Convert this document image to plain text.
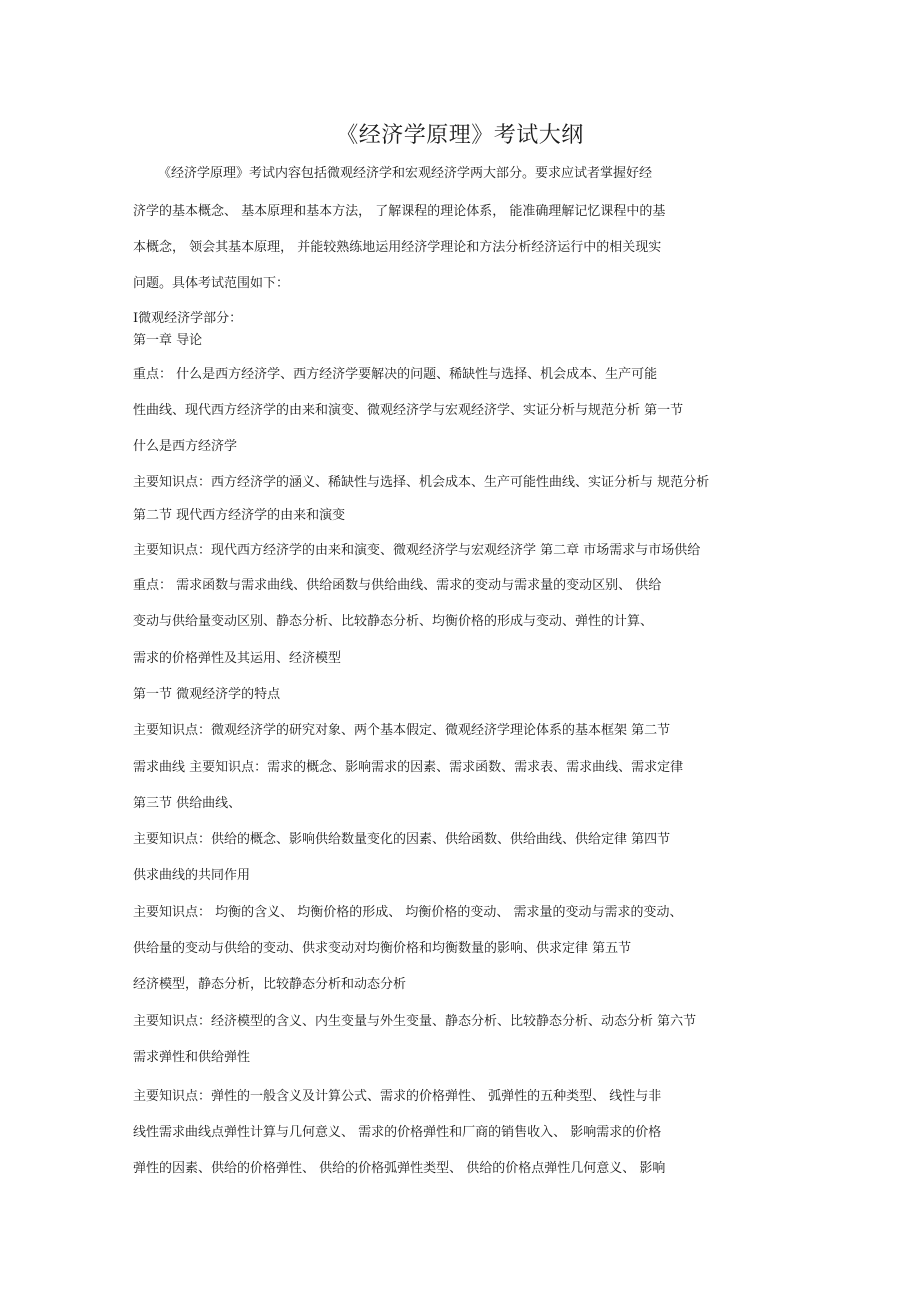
《经济学原理》考试大纲
《经济学原理》考试内容包括微观经济学和宏观经济学两大部分。要求应试者掌握好经
济学的基本概念、 基本原理和基本方法， 了解课程的理论体系， 能准确理解记忆课程中的基
本概念， 领会其基本原理， 并能较熟练地运用经济学理论和方法分析经济运行中的相关现实
问题。具体考试范围如下：
I微观经济学部分：
第一章 导论
重点： 什么是西方经济学、西方经济学要解决的问题、稀缺性与选择、机会成本、生产可能
性曲线、现代西方经济学的由来和演变、微观经济学与宏观经济学、实证分析与规范分析 第一节
什么是西方经济学
主要知识点：西方经济学的涵义、稀缺性与选择、机会成本、生产可能性曲线、实证分析与 规范分析
第二节 现代西方经济学的由来和演变
主要知识点：现代西方经济学的由来和演变、微观经济学与宏观经济学 第二章 市场需求与市场供给
重点： 需求函数与需求曲线、供给函数与供给曲线、需求的变动与需求量的变动区别、 供给
变动与供给量变动区别、静态分析、比较静态分析、均衡价格的形成与变动、弹性的计算、
需求的价格弹性及其运用、经济模型
第一节 微观经济学的特点
主要知识点：微观经济学的研究对象、两个基本假定、微观经济学理论体系的基本框架 第二节
需求曲线 主要知识点：需求的概念、影响需求的因素、需求函数、需求表、需求曲线、需求定律
第三节 供给曲线、
主要知识点：供给的概念、影响供给数量变化的因素、供给函数、供给曲线、供给定律 第四节
供求曲线的共同作用
主要知识点： 均衡的含义、 均衡价格的形成、 均衡价格的变动、 需求量的变动与需求的变动、
供给量的变动与供给的变动、供求变动对均衡价格和均衡数量的影响、供求定律 第五节
经济模型，静态分析，比较静态分析和动态分析
主要知识点：经济模型的含义、内生变量与外生变量、静态分析、比较静态分析、动态分析 第六节
需求弹性和供给弹性
主要知识点：弹性的一般含义及计算公式、需求的价格弹性、 弧弹性的五种类型、 线性与非
线性需求曲线点弹性计算与几何意义、 需求的价格弹性和厂商的销售收入、 影响需求的价格
弹性的因素、供给的价格弹性、 供给的价格弧弹性类型、 供给的价格点弹性几何意义、 影响
